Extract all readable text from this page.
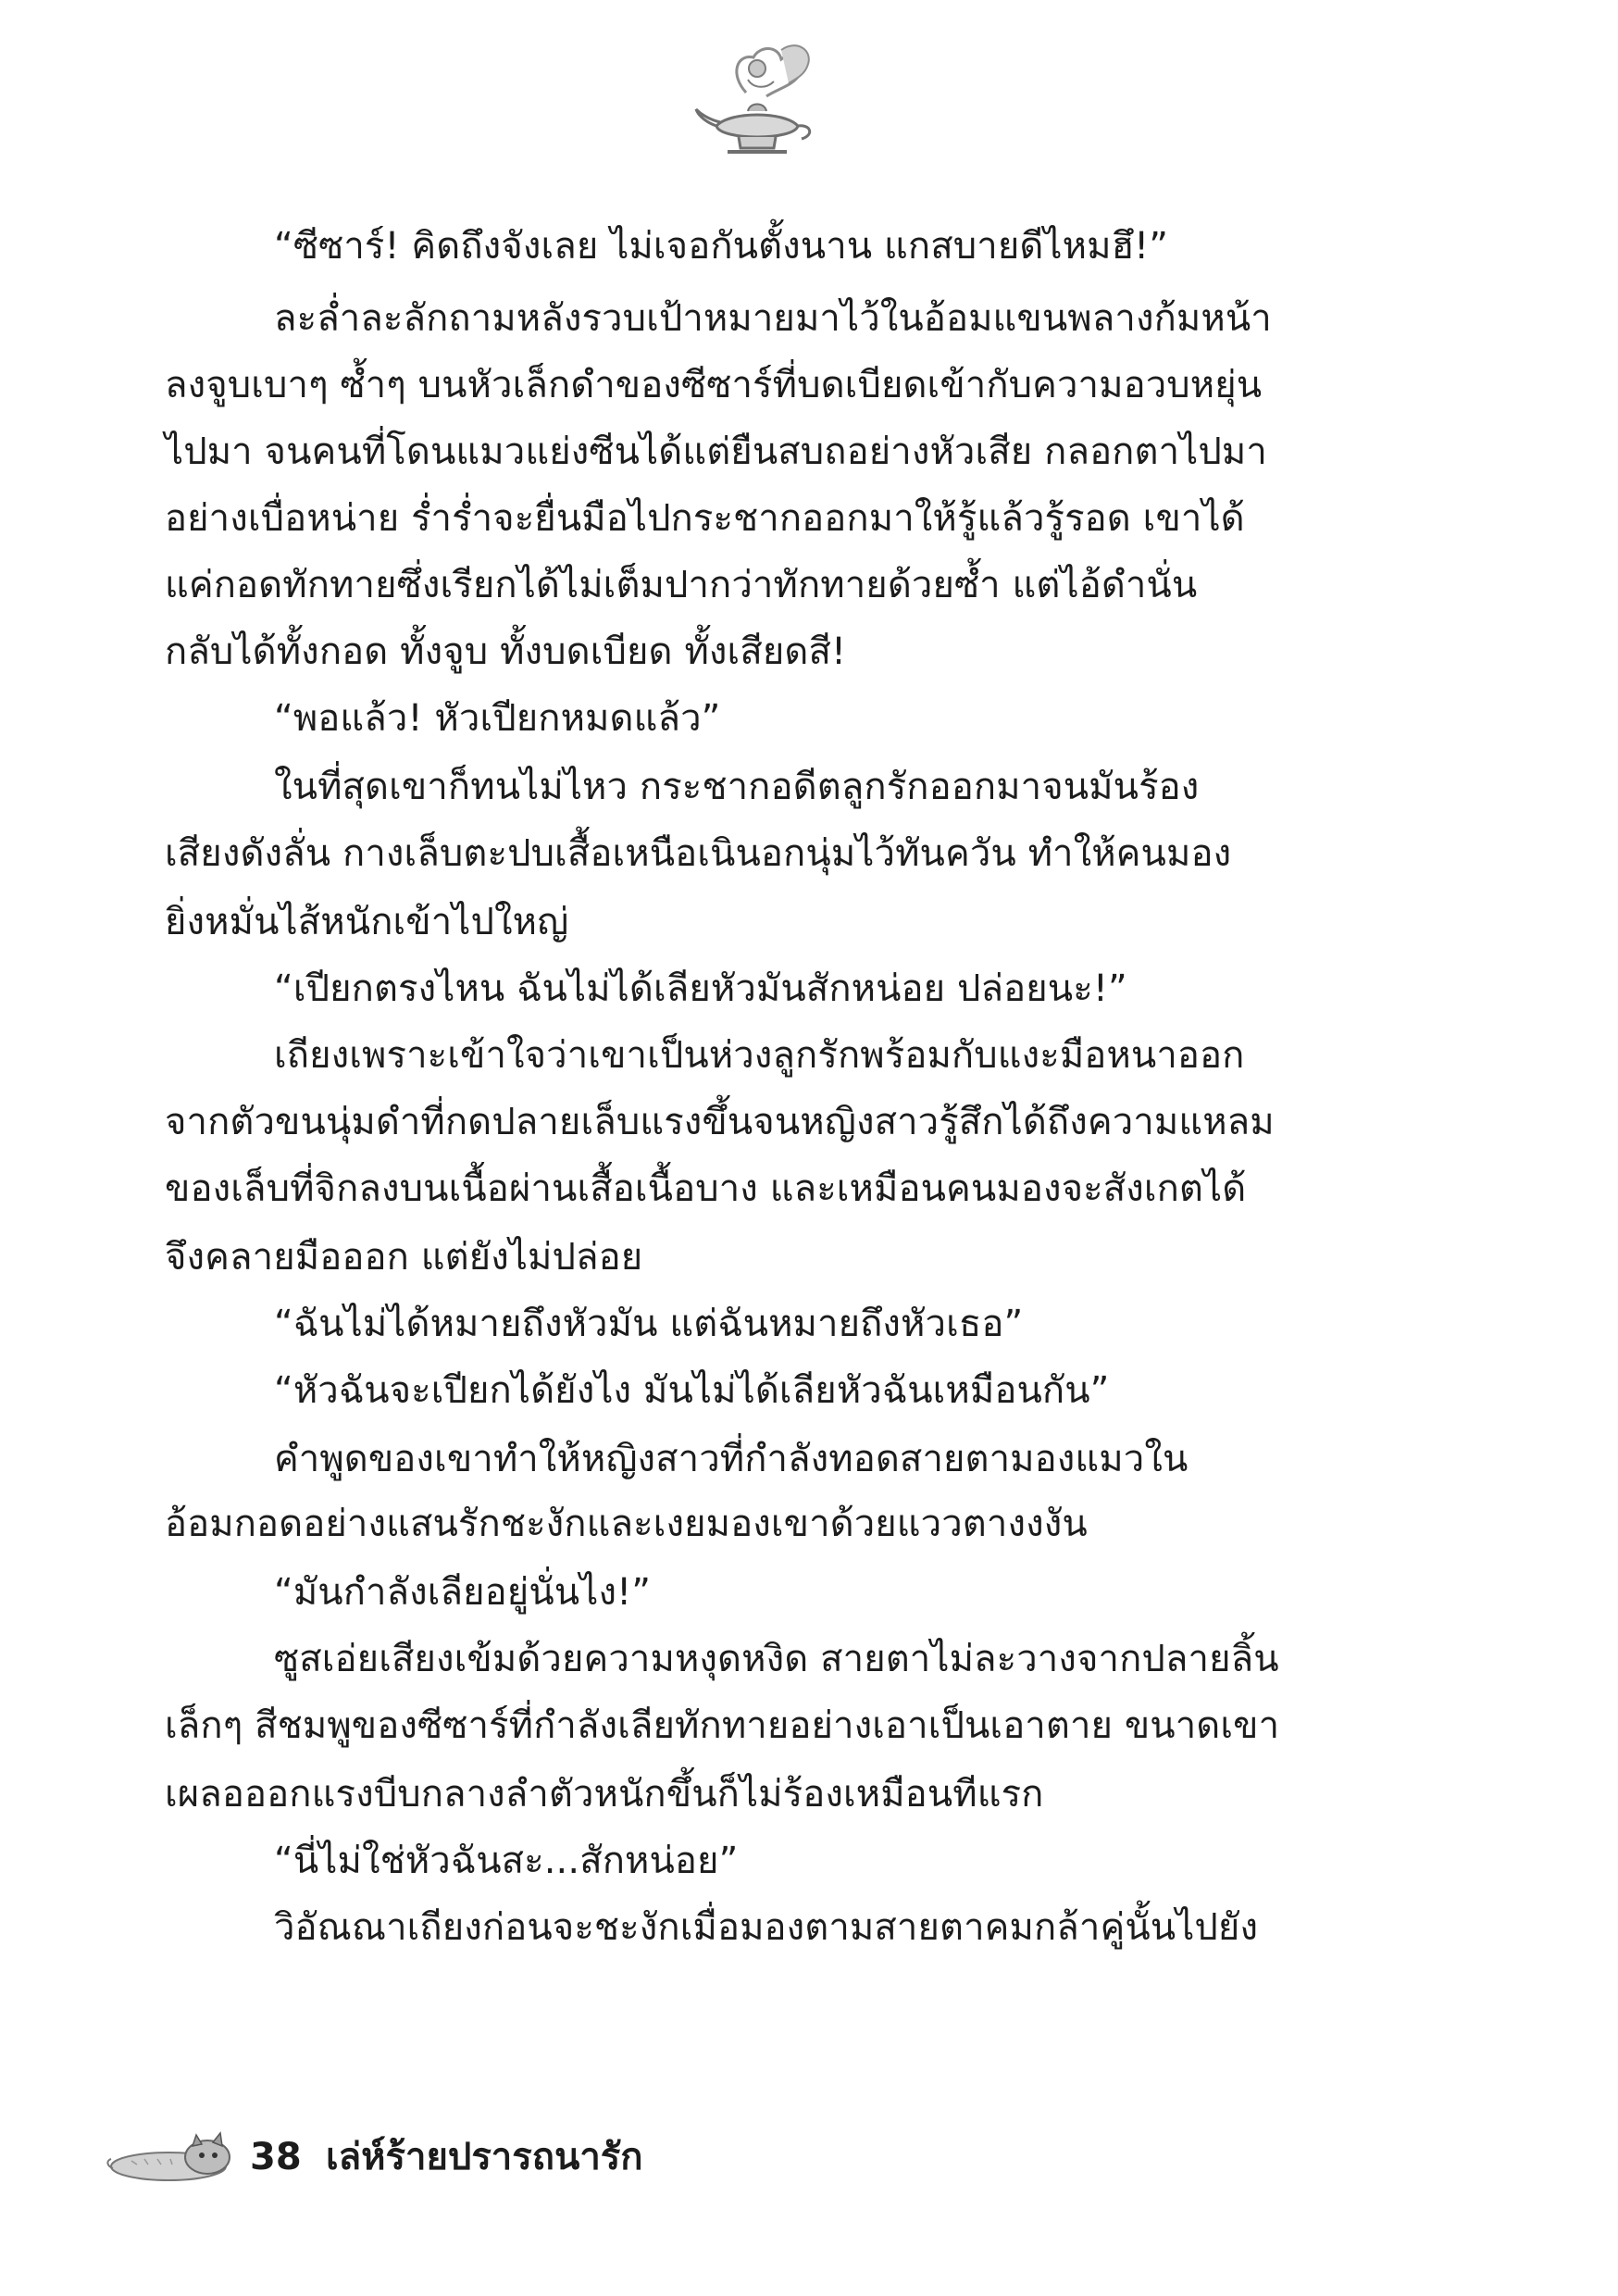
“ซีซาร์! คิดถึงจังเลย ไม่เจอกันตั้งนาน แกสบายดีไหมฮึ!”
ละล่ำละลักถามหลังรวบเป้าหมายมาไว้ในอ้อมแขนพลางก้มหน้า
ลงจูบเบาๆ ซ้ำๆ บนหัวเล็กดำของซีซาร์ที่บดเบียดเข้ากับความอวบหยุ่น
ไปมา จนคนที่โดนแมวแย่งซีนได้แต่ยืนสบถอย่างหัวเสีย กลอกตาไปมา
อย่างเบื่อหน่าย ร่ำร่ำจะยื่นมือไปกระชากออกมาให้รู้แล้วรู้รอด เขาได้
แค่กอดทักทายซึ่งเรียกได้ไม่เต็มปากว่าทักทายด้วยซ้ำ แต่ไอ้ดำนั่น
กลับได้ทั้งกอด ทั้งจูบ ทั้งบดเบียด ทั้งเสียดสี!
“พอแล้ว! หัวเปียกหมดแล้ว”
ในที่สุดเขาก็ทนไม่ไหว กระชากอดีตลูกรักออกมาจนมันร้อง
เสียงดังลั่น กางเล็บตะปบเสื้อเหนือเนินอกนุ่มไว้ทันควัน ทำให้คนมอง
ยิ่งหมั่นไส้หนักเข้าไปใหญ่
“เปียกตรงไหน ฉันไม่ได้เลียหัวมันสักหน่อย ปล่อยนะ!”
เถียงเพราะเข้าใจว่าเขาเป็นห่วงลูกรักพร้อมกับแงะมือหนาออก
จากตัวขนนุ่มดำที่กดปลายเล็บแรงขึ้นจนหญิงสาวรู้สึกได้ถึงความแหลม
ของเล็บที่จิกลงบนเนื้อผ่านเสื้อเนื้อบาง และเหมือนคนมองจะสังเกตได้
จึงคลายมือออก แต่ยังไม่ปล่อย
“ฉันไม่ได้หมายถึงหัวมัน แต่ฉันหมายถึงหัวเธอ”
“หัวฉันจะเปียกได้ยังไง มันไม่ได้เลียหัวฉันเหมือนกัน”
คำพูดของเขาทำให้หญิงสาวที่กำลังทอดสายตามองแมวใน
อ้อมกอดอย่างแสนรักชะงักและเงยมองเขาด้วยแววตางงงัน
“มันกำลังเลียอยู่นั่นไง!”
ซูสเอ่ยเสียงเข้มด้วยความหงุดหงิด สายตาไม่ละวางจากปลายลิ้น
เล็กๆ สีชมพูของซีซาร์ที่กำลังเลียทักทายอย่างเอาเป็นเอาตาย ขนาดเขา
เผลอออกแรงบีบกลางลำตัวหนักขึ้นก็ไม่ร้องเหมือนทีแรก
“นี่ไม่ใช่หัวฉันสะ...สักหน่อย”
วิอัณณาเถียงก่อนจะชะงักเมื่อมองตามสายตาคมกล้าคู่นั้นไปยัง
38 เล่ห์ร้ายปรารถนารัก
